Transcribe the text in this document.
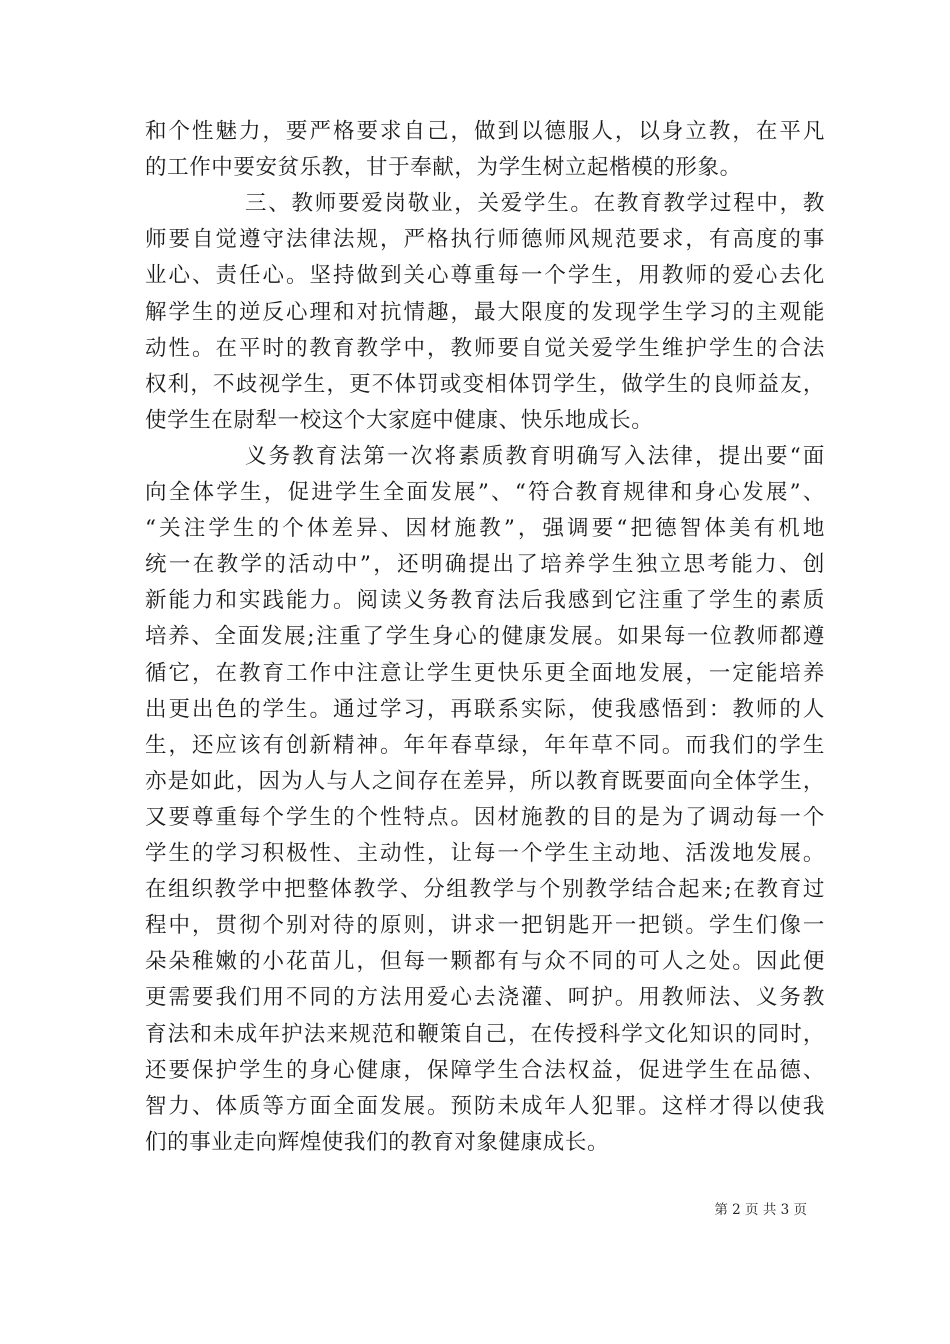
和个性魅力，要严格要求自己，做到以德服人，以身立教，在平凡
的工作中要安贫乐教，甘于奉献，为学生树立起楷模的形象。
三、教师要爱岗敬业，关爱学生。在教育教学过程中，教
师要自觉遵守法律法规，严格执行师德师风规范要求，有高度的事
业心、责任心。坚持做到关心尊重每一个学生，用教师的爱心去化
解学生的逆反心理和对抗情趣，最大限度的发现学生学习的主观能
动性。在平时的教育教学中，教师要自觉关爱学生维护学生的合法
权利，不歧视学生，更不体罚或变相体罚学生，做学生的良师益友，
使学生在尉犁一校这个大家庭中健康、快乐地成长。
义务教育法第一次将素质教育明确写入法律，提出要“面
向全体学生，促进学生全面发展”、“符合教育规律和身心发展”、
“关注学生的个体差异、因材施教”，强调要“把德智体美有机地
统一在教学的活动中”，还明确提出了培养学生独立思考能力、创
新能力和实践能力。阅读义务教育法后我感到它注重了学生的素质
培养、全面发展;注重了学生身心的健康发展。如果每一位教师都遵
循它，在教育工作中注意让学生更快乐更全面地发展，一定能培养
出更出色的学生。通过学习，再联系实际，使我感悟到：教师的人
生，还应该有创新精神。年年春草绿，年年草不同。而我们的学生
亦是如此，因为人与人之间存在差异，所以教育既要面向全体学生，
又要尊重每个学生的个性特点。因材施教的目的是为了调动每一个
学生的学习积极性、主动性，让每一个学生主动地、活泼地发展。
在组织教学中把整体教学、分组教学与个别教学结合起来;在教育过
程中，贯彻个别对待的原则，讲求一把钥匙开一把锁。学生们像一
朵朵稚嫩的小花苗儿，但每一颗都有与众不同的可人之处。因此便
更需要我们用不同的方法用爱心去浇灌、呵护。用教师法、义务教
育法和未成年护法来规范和鞭策自己，在传授科学文化知识的同时，
还要保护学生的身心健康，保障学生合法权益，促进学生在品德、
智力、体质等方面全面发展。预防未成年人犯罪。这样才得以使我
们的事业走向辉煌使我们的教育对象健康成长。
第 2 页 共 3 页
